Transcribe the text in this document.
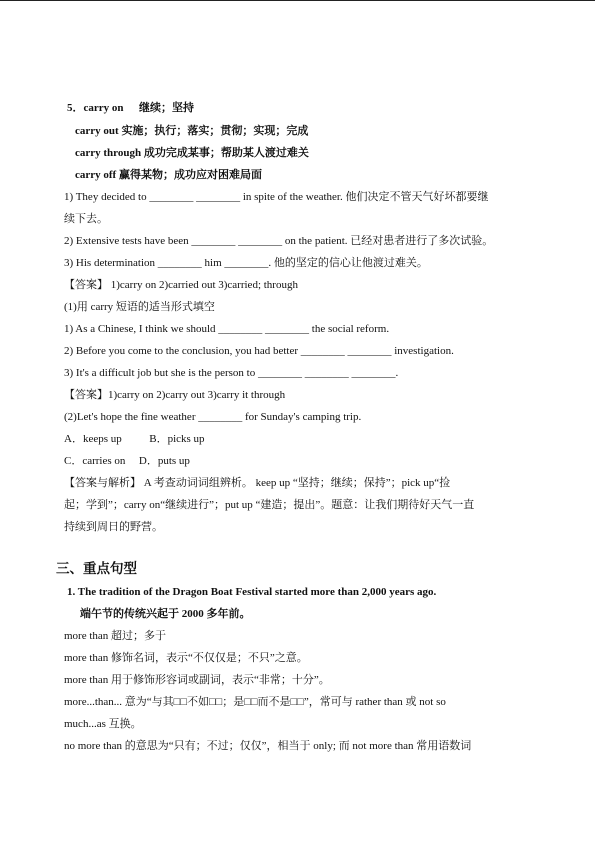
5．carry on 继续；坚持
carry out 实施；执行；落实；贯彻；实现；完成
carry through 成功完成某事；帮助某人渡过难关
carry off 赢得某物；成功应对困难局面
1) They decided to ________ ________ in spite of the weather. 他们决定不管天气好坏都要继
续下去。
2) Extensive tests have been ________ ________ on the patient. 已经对患者进行了多次试验。
3) His determination ________ him ________. 他的坚定的信心让他渡过难关。
【答案】 1)carry on 2)carried out 3)carried; through
(1)用 carry 短语的适当形式填空
1) As a Chinese, I think we should ________ ________ the social reform.
2) Before you come to the conclusion, you had better ________ ________ investigation.
3) It's a difficult job but she is the person to ________ ________ ________.
【答案】1)carry on 2)carry out 3)carry it through
(2)Let's hope the fine weather ________ for Sunday's camping trip.
A．keeps up	B．picks up
C．carries on D．puts up
【答案与解析】 A 考查动词词组辨析。 keep up “坚持；继续；保持”；pick up“捡
起；学到”；carry on“继续进行”；put up “建造；提出”。题意：让我们期待好天气一直
持续到周日的野营。
三、重点句型
1. The tradition of the Dragon Boat Festival started more than 2,000 years ago.
端午节的传统兴起于 2000 多年前。
more than 超过；多于
more than 修饰名词，表示“不仅仅是；不只”之意。
more than 用于修饰形容词或副词，表示“非常；十分”。
more...than... 意为“与其□□不如□□；是□□而不是□□”，常可与 rather than 或 not so
much...as 互换。
no more than 的意思为“只有；不过；仅仅”，相当于 only; 而 not more than 常用语数词
